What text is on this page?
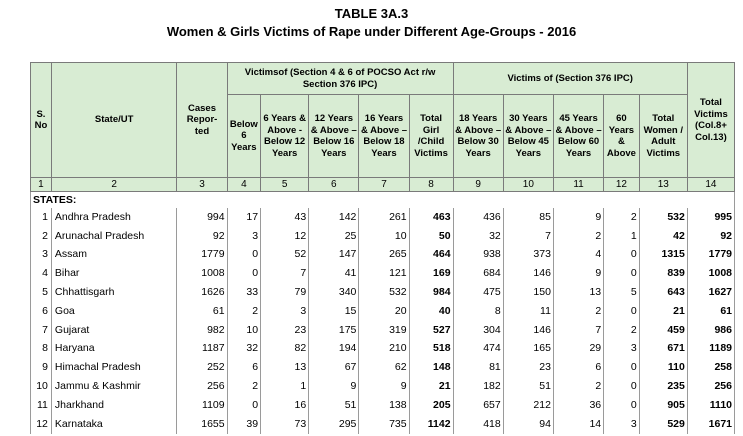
TABLE 3A.3
Women & Girls Victims of Rape under Different Age-Groups - 2016
S. No	State/UT	Cases Repor- ted	Victimsof (Section 4 & 6 of POCSO Act r/w Section 376 IPC)					Victims of (Section 376 IPC)					Total Victims (Col.8+ Col.13)
			Below 6 Years	6 Years & Above - Below 12 Years	12 Years & Above – Below 16 Years	16 Years & Above – Below 18 Years	Total Girl /Child Victims	18 Years & Above – Below 30 Years	30 Years & Above – Below 45 Years	45 Years & Above – Below 60 Years	60 Years & Above	Total Women / Adult Victims	
1	2	3	4	5	6	7	8	9	10	11	12	13	14
STATES:													
1	Andhra Pradesh	994	17	43	142	261	463	436	85	9	2	532	995
2	Arunachal Pradesh	92	3	12	25	10	50	32	7	2	1	42	92
3	Assam	1779	0	52	147	265	464	938	373	4	0	1315	1779
4	Bihar	1008	0	7	41	121	169	684	146	9	0	839	1008
5	Chhattisgarh	1626	33	79	340	532	984	475	150	13	5	643	1627
6	Goa	61	2	3	15	20	40	8	11	2	0	21	61
7	Gujarat	982	10	23	175	319	527	304	146	7	2	459	986
8	Haryana	1187	32	82	194	210	518	474	165	29	3	671	1189
9	Himachal Pradesh	252	6	13	67	62	148	81	23	6	0	110	258
10	Jammu & Kashmir	256	2	1	9	9	21	182	51	2	0	235	256
11	Jharkhand	1109	0	16	51	138	205	657	212	36	0	905	1110
12	Karnataka	1655	39	73	295	735	1142	418	94	14	3	529	1671
